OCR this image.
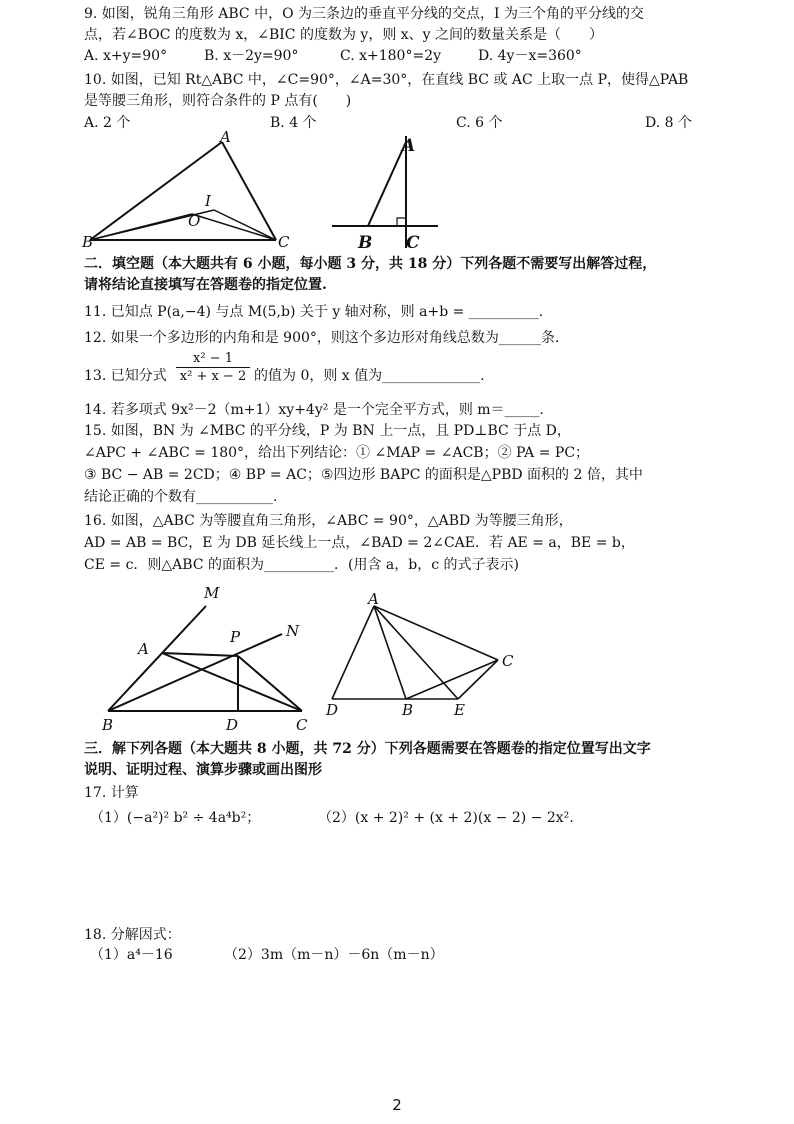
9. 如图，锐角三角形 ABC 中，O 为三条边的垂直平分线的交点，I 为三个角的平分线的交
点，若∠BOC 的度数为 x，∠BIC 的度数为 y，则 x、y 之间的数量关系是（　　）
A. x+y=90°	B. x－2y=90°	C. x+180°=2y	D. 4y－x=360°
10. 如图，已知 Rt△ABC 中，∠C=90°，∠A=30°，在直线 BC 或 AC 上取一点 P，使得△PAB
是等腰三角形，则符合条件的 P 点有(　　)
A. 2 个	B. 4 个	C. 6 个	D. 8 个
A
B	C
I
O
A
B C
二．填空题（本大题共有 6 小题，每小题 3 分，共 18 分）下列各题不需要写出解答过程，
请将结论直接填写在答题卷的指定位置.
11. 已知点 P(a,−4) 与点 M(5,b) 关于 y 轴对称，则 a+b = __________.
12. 如果一个多边形的内角和是 900°，则这个多边形对角线总数为______条.
13. 已知分式
x² − 1
x² + x − 2 的值为 0，则 x 值为______________.
14. 若多项式 9x²－2（m+1）xy+4y² 是一个完全平方式，则 m＝_____.
15. 如图，BN 为 ∠MBC 的平分线，P 为 BN 上一点，且 PD⊥BC 于点 D，
∠APC + ∠ABC = 180°，给出下列结论：① ∠MAP = ∠ACB；② PA = PC；
③ BC − AB = 2CD；④ BP = AC；⑤四边形 BAPC 的面积是△PBD 面积的 2 倍，其中
结论正确的个数有___________.
16. 如图，△ABC 为等腰直角三角形，∠ABC = 90°，△ABD 为等腰三角形，
AD = AB = BC，E 为 DB 延长线上一点，∠BAD = 2∠CAE．若 AE = a，BE = b，
CE = c．则△ABC 的面积为__________．(用含 a，b，c 的式子表示)
M
N
A
P
B	D	C
A
C
D	B	E
三．解下列各题（本大题共 8 小题，共 72 分）下列各题需要在答题卷的指定位置写出文字
说明、证明过程、演算步骤或画出图形
17. 计算
（1）(−a²)² b² ÷ 4a⁴b²；	（2）(x + 2)² + (x + 2)(x − 2) − 2x².
18. 分解因式：
（1）a⁴－16	（2）3m（m－n）－6n（m－n）
2
